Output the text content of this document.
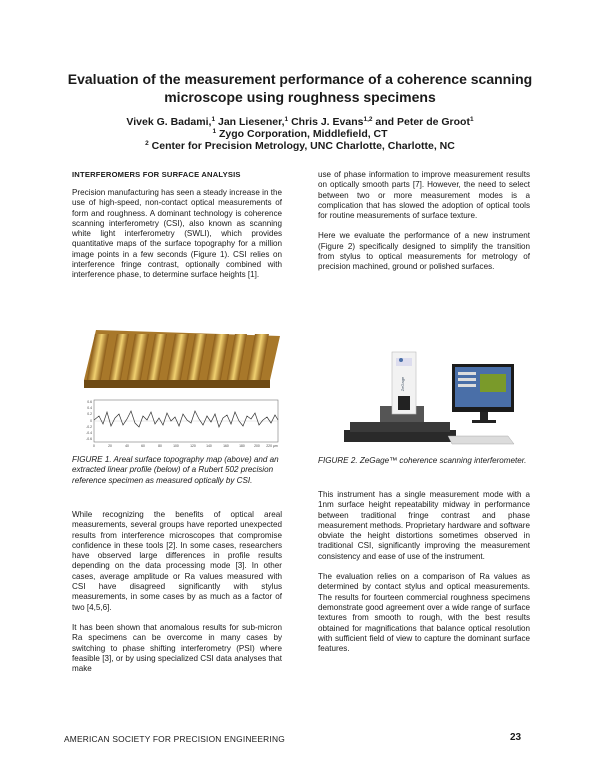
Evaluation of the measurement performance of a coherence scanning
microscope using roughness specimens
Vivek G. Badami,$^1$ Jan Liesener,$^1$ Chris J. Evans$^{1,2}$ and Peter de Groot$^1$
$^1$ Zygo Corporation, Middlefield, CT
$^2$ Center for Precision Metrology, UNC Charlotte, Charlotte, NC
INTERFEROMERS FOR SURFACE ANALYSIS

Precision manufacturing has seen a steady increase in the use of high-speed, non-contact optical measurements of form and roughness. A dominant technology is coherence scanning interferometry (CSI), also known as scanning white light interferometry (SWLI), which provides quantitative maps of the surface topography for a million image points in a few seconds (Figure 1). CSI relies on interference fringe contrast, optionally combined with interference phase, to determine surface heights [1].

0.6
0.4
0.2
0
-0.2
-0.4
-0.6
0	20	40	60	80	100	120	140	160	180	200 220 µm

FIGURE 1. Areal surface topography map (above) and an extracted linear profile (below) of a Rubert 502 precision reference specimen as measured optically by CSI.

While recognizing the benefits of optical areal measurements, several groups have reported unexpected results from interference microscopes that compromise confidence in these tools [2]. In some cases, researchers have observed large differences in profile results depending on the data processing mode [3]. In other cases, average amplitude or Ra values measured with CSI have disagreed significantly with stylus measurements, in some cases by as much as a factor of two [4,5,6].

It has been shown that anomalous results for sub-micron Ra specimens can be overcome in many cases by switching to phase shifting interferometry (PSI) where feasible [3], or by using specialized CSI data analyses that make

use of phase information to improve measurement results on optically smooth parts [7]. However, the need to select between two or more measurement modes is a complication that has slowed the adoption of optical tools for routine measurements of surface texture.

Here we evaluate the performance of a new instrument (Figure 2) specifically designed to simplify the transition from stylus to optical measurements for metrology of precision machined, ground or polished surfaces.

ZeGage

FIGURE 2. ZeGage™ coherence scanning interferometer.

This instrument has a single measurement mode with a 1nm surface height repeatability midway in performance between traditional fringe contrast and phase measurement methods. Proprietary hardware and software obviate the height distortions sometimes observed in traditional CSI, significantly improving the measurement consistency and ease of use of the instrument.

The evaluation relies on a comparison of Ra values as determined by contact stylus and optical measurements. The results for fourteen commercial roughness specimens demonstrate good agreement over a wide range of surface textures from smooth to rough, with the best results obtained for magnifications that balance optical resolution with sufficient field of view to capture the dominant surface features.

AMERICAN SOCIETY FOR PRECISION ENGINEERING	23
